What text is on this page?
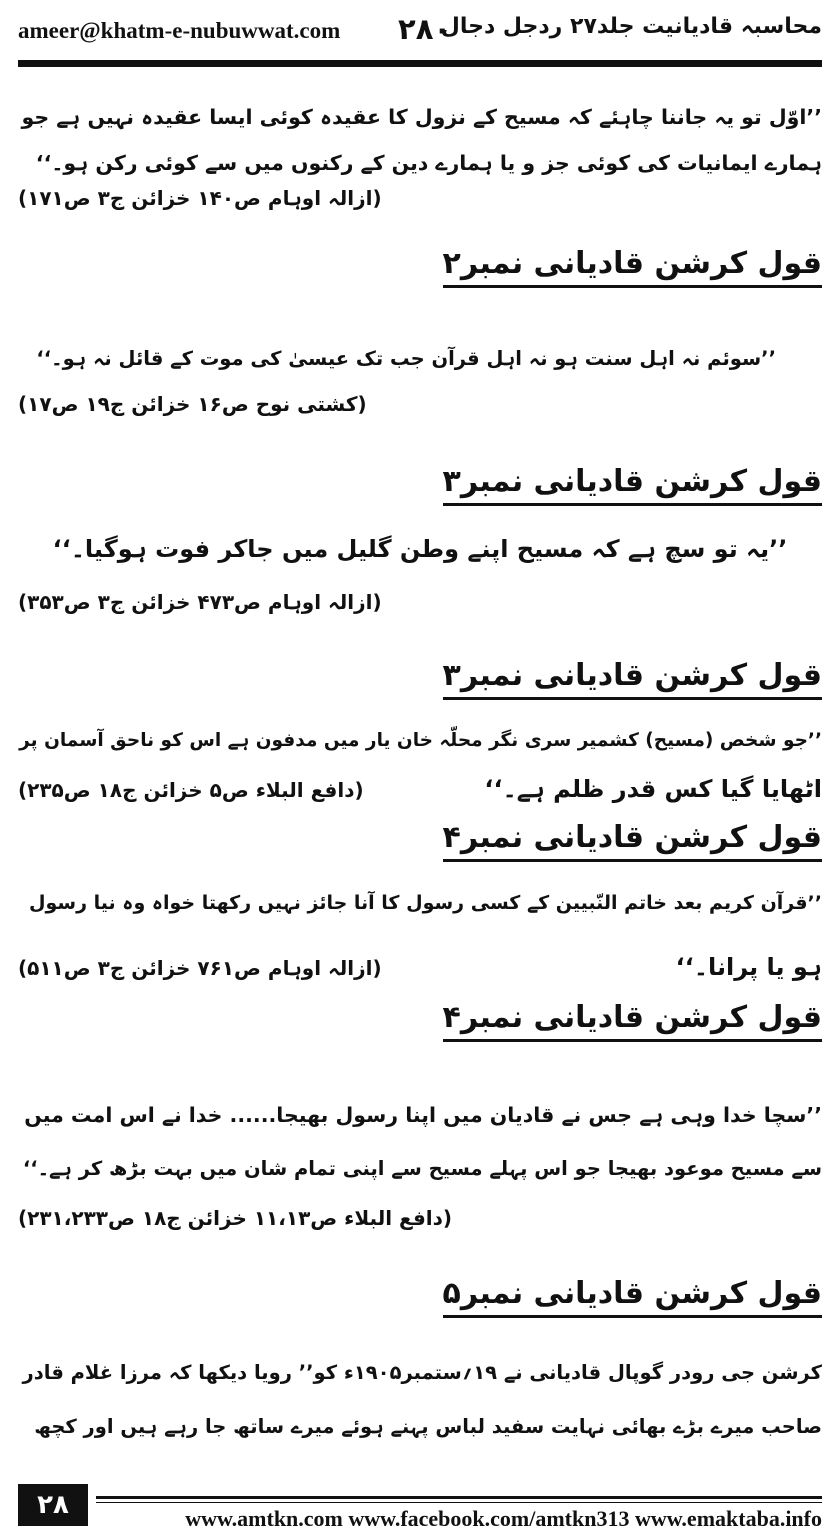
ameer@khatm-e-nubuwwat.com ۲۸۰
محاسبہ قادیانیت جلد۲۷ ردجل دجال
’’اوّل تو یہ جاننا چاہئے کہ مسیح کے نزول کا عقیدہ کوئی ایسا عقیدہ نہیں ہے جو
ہمارے ایمانیات کی کوئی جز و یا ہمارے دین کے رکنوں میں سے کوئی رکن ہو۔‘‘
(ازالہ اوہام ص۱۴۰ خزائن ج۳ ص۱۷۱)
قول کرشن قادیانی نمبر۲
’’سوئم نہ اہل سنت ہو نہ اہل قرآن جب تک عیسیٰ کی موت کے قائل نہ ہو۔‘‘
(کشتی نوح ص۱۶ خزائن ج۱۹ ص۱۷)
قول کرشن قادیانی نمبر۳
’’یہ تو سچ ہے کہ مسیح اپنے وطن گلیل میں جاکر فوت ہوگیا۔‘‘
(ازالہ اوہام ص۴۷۳ خزائن ج۳ ص۳۵۳)
قول کرشن قادیانی نمبر۳
’’جو شخص (مسیح) کشمیر سری نگر محلّہ خان یار میں مدفون ہے اس کو ناحق آسمان پر
اٹھایا گیا کس قدر ظلم ہے۔‘‘
(دافع البلاء ص۵ خزائن ج۱۸ ص۲۳۵)
قول کرشن قادیانی نمبر۴
’’قرآن کریم بعد خاتم النّبیین کے کسی رسول کا آنا جائز نہیں رکھتا خواہ وہ نیا رسول
ہو یا پرانا۔‘‘
(ازالہ اوہام ص۷۶۱ خزائن ج۳ ص۵۱۱)
قول کرشن قادیانی نمبر۴
’’سچا خدا وہی ہے جس نے قادیان میں اپنا رسول بھیجا...... خدا نے اس امت میں
سے مسیح موعود بھیجا جو اس پہلے مسیح سے اپنی تمام شان میں بہت بڑھ کر ہے۔‘‘
(دافع البلاء ص۱۱،۱۳ خزائن ج۱۸ ص۲۳۱،۲۳۳)
قول کرشن قادیانی نمبر۵
کرشن جی رودر گوپال قادیانی نے ۱۹؍ستمبر۱۹۰۵ء کو’’ رویا دیکھا کہ مرزا غلام قادر
صاحب میرے بڑے بھائی نہایت سفید لباس پہنے ہوئے میرے ساتھ جا رہے ہیں اور کچھ
۲۸	www.amtkn.com www.facebook.com/amtkn313 www.emaktaba.info
